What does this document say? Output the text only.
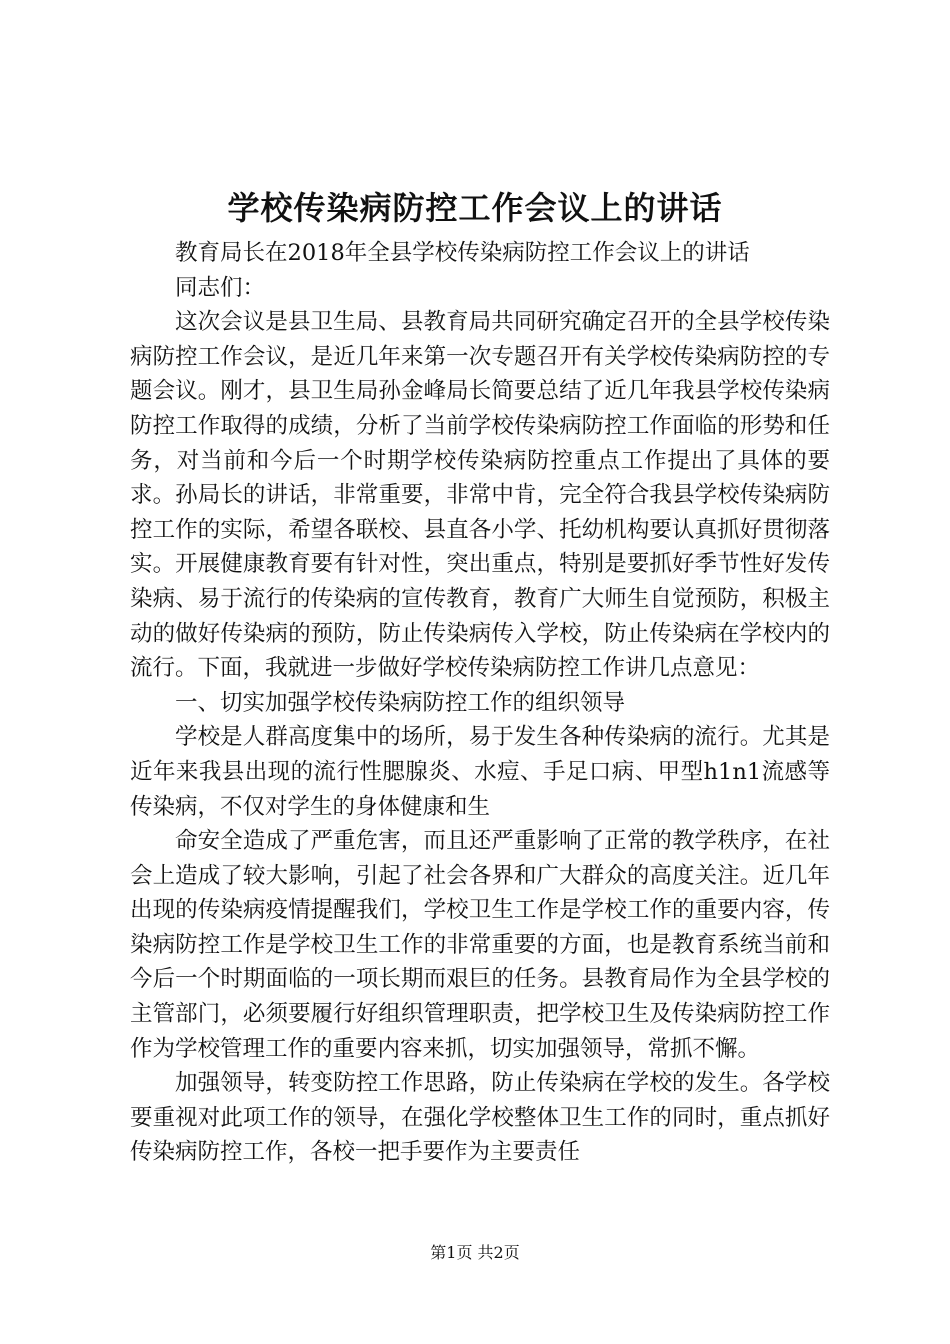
学校传染病防控工作会议上的讲话

教育局长在2018年全县学校传染病防控工作会议上的讲话

同志们：

这次会议是县卫生局、县教育局共同研究确定召开的全县学校传染病防控工作会议，是近几年来第一次专题召开有关学校传染病防控的专题会议。刚才，县卫生局孙金峰局长简要总结了近几年我县学校传染病防控工作取得的成绩，分析了当前学校传染病防控工作面临的形势和任务，对当前和今后一个时期学校传染病防控重点工作提出了具体的要求。孙局长的讲话，非常重要，非常中肯，完全符合我县学校传染病防控工作的实际，希望各联校、县直各小学、托幼机构要认真抓好贯彻落实。开展健康教育要有针对性，突出重点，特别是要抓好季节性好发传染病、易于流行的传染病的宣传教育，教育广大师生自觉预防，积极主动的做好传染病的预防，防止传染病传入学校，防止传染病在学校内的流行。下面，我就进一步做好学校传染病防控工作讲几点意见：

一、切实加强学校传染病防控工作的组织领导

学校是人群高度集中的场所，易于发生各种传染病的流行。尤其是近年来我县出现的流行性腮腺炎、水痘、手足口病、甲型h1n1流感等传染病，不仅对学生的身体健康和生

命安全造成了严重危害，而且还严重影响了正常的教学秩序，在社会上造成了较大影响，引起了社会各界和广大群众的高度关注。近几年出现的传染病疫情提醒我们，学校卫生工作是学校工作的重要内容，传染病防控工作是学校卫生工作的非常重要的方面，也是教育系统当前和今后一个时期面临的一项长期而艰巨的任务。县教育局作为全县学校的主管部门，必须要履行好组织管理职责，把学校卫生及传染病防控工作作为学校管理工作的重要内容来抓，切实加强领导，常抓不懈。

加强领导，转变防控工作思路，防止传染病在学校的发生。各学校要重视对此项工作的领导，在强化学校整体卫生工作的同时，重点抓好传染病防控工作，各校一把手要作为主要责任

第1页 共2页
